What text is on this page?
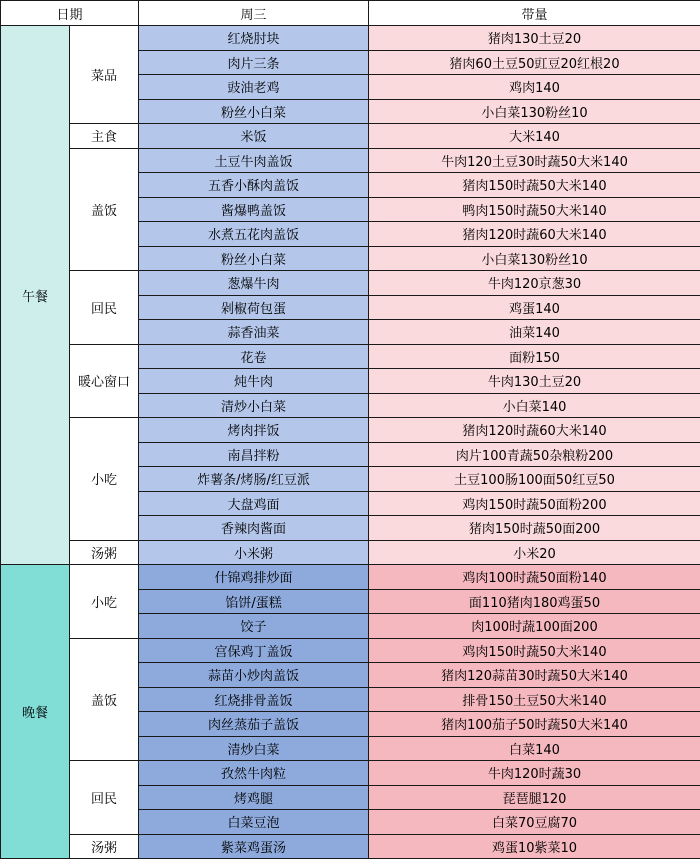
日期		周三	带量
午餐	菜品	红烧肘块	猪肉130土豆20
		肉片三条	猪肉60土豆50豇豆20红根20
		豉油老鸡	鸡肉140
		粉丝小白菜	小白菜130粉丝10
	主食	米饭	大米140
	盖饭	土豆牛肉盖饭	牛肉120土豆30时蔬50大米140
		五香小酥肉盖饭	猪肉150时蔬50大米140
		酱爆鸭盖饭	鸭肉150时蔬50大米140
		水煮五花肉盖饭	猪肉120时蔬60大米140
		粉丝小白菜	小白菜130粉丝10
	回民	葱爆牛肉	牛肉120京葱30
		剁椒荷包蛋	鸡蛋140
		蒜香油菜	油菜140
	暖心窗口	花卷	面粉150
		炖牛肉	牛肉130土豆20
		清炒小白菜	小白菜140
	小吃	烤肉拌饭	猪肉120时蔬60大米140
		南昌拌粉	肉片100青蔬50杂粮粉200
		炸薯条/烤肠/红豆派	土豆100肠100面50红豆50
		大盘鸡面	鸡肉150时蔬50面粉200
		香辣肉酱面	猪肉150时蔬50面200
	汤粥	小米粥	小米20
晚餐	小吃	什锦鸡排炒面	鸡肉100时蔬50面粉140
		馅饼/蛋糕	面110猪肉180鸡蛋50
		饺子	肉100时蔬100面200
	盖饭	宫保鸡丁盖饭	鸡肉150时蔬50大米140
		蒜苗小炒肉盖饭	猪肉120蒜苗30时蔬50大米140
		红烧排骨盖饭	排骨150土豆50大米140
		肉丝蒸茄子盖饭	猪肉100茄子50时蔬50大米140
		清炒白菜	白菜140
	回民	孜然牛肉粒	牛肉120时蔬30
		烤鸡腿	琵琶腿120
		白菜豆泡	白菜70豆腐70
	汤粥	紫菜鸡蛋汤	鸡蛋10紫菜10
